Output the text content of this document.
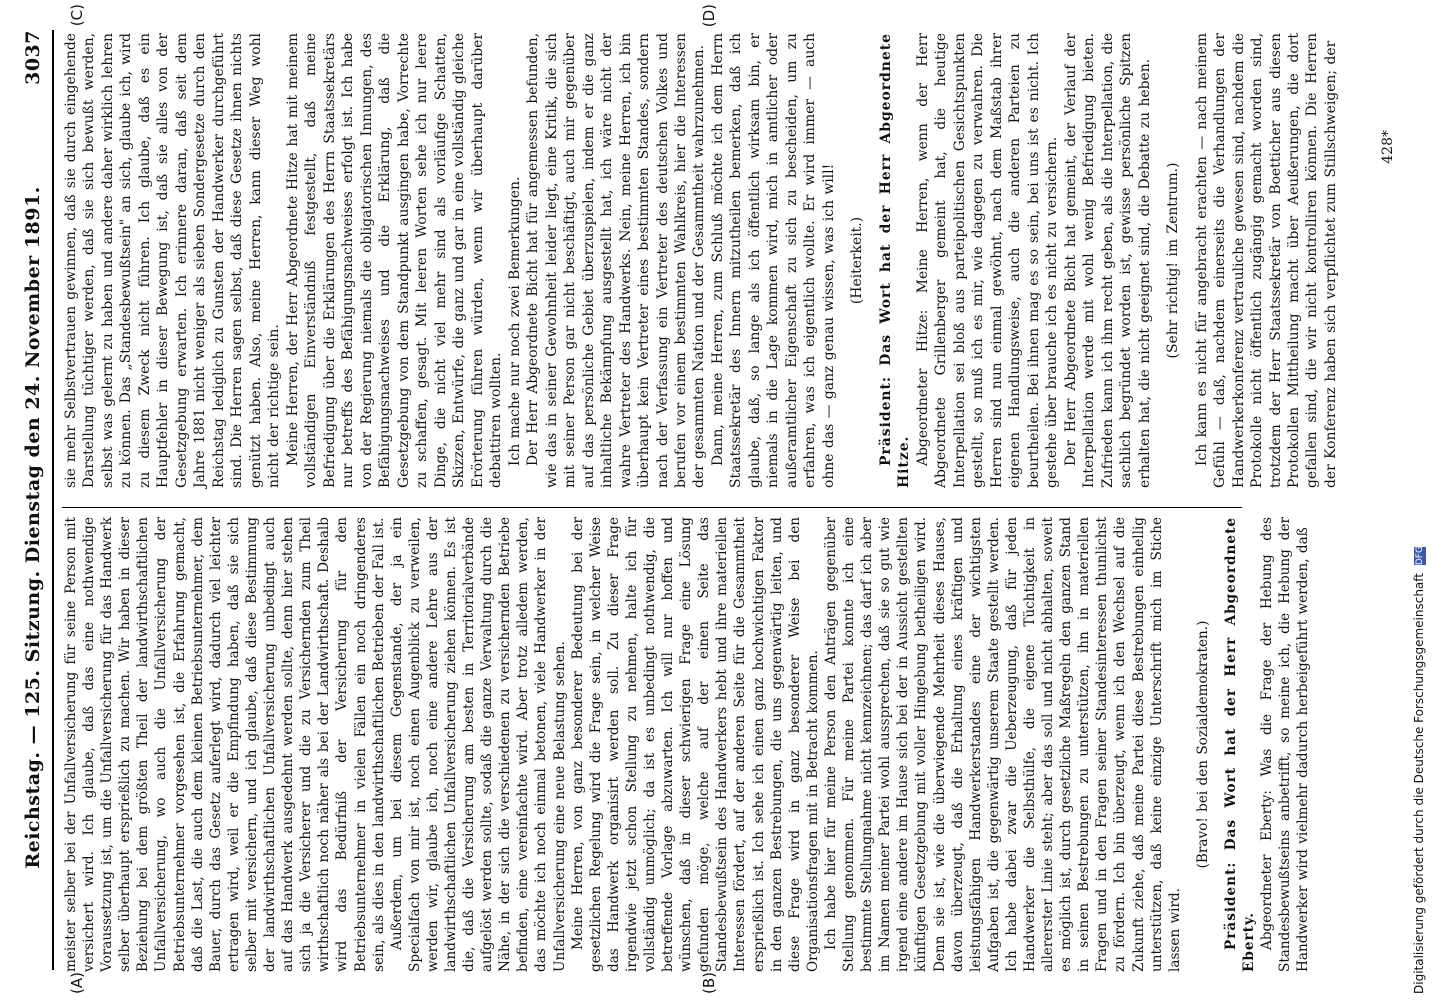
Reichstag. — 125. Sitzung. Dienstag den 24. November 1891.
3037
(A)	(B)
(C)	(D)

meister selber bei der Unfallversicherung für seine Person mit versichert wird. Ich glaube, daß das eine nothwendige Voraussetzung ist, um die Unfallversicherung für das Handwerk selber überhaupt ersprießlich zu machen. Wir haben in dieser Beziehung bei dem größten Theil der landwirthschaftlichen Unfallversicherung, wo auch die Unfallversicherung der Betriebsunternehmer vorgesehen ist, die Erfahrung gemacht, daß die Last, die auch dem kleinen Betriebsunternehmer, dem Bauer, durch das Gesetz auferlegt wird, dadurch viel leichter ertragen wird, weil er die Empfindung haben, daß sie sich selber mit versichern, und ich glaube, daß diese Bestimmung der landwirthschaftlichen Unfallversicherung unbedingt auch auf das Handwerk ausgedehnt werden sollte, denn hier stehen sich ja die Versicherer und die zu Versichernden zum Theil wirthschaftlich noch näher als bei der Landwirthschaft. Deshalb wird das Bedürfniß der Versicherung für den Betriebsunternehmer in vielen Fällen ein noch dringenderes sein, als dies in den landwirthschaftlichen Betrieben der Fall ist. Außerdem, um bei diesem Gegenstande, der ja ein Specialfach von mir ist, noch einen Augenblick zu verweilen, werden wir, glaube ich, noch eine andere Lehre aus der landwirthschaftlichen Unfallversicherung ziehen können. Es ist die, daß die Versicherung am besten in Territorialverbände aufgelöst werden sollte, sodaß die ganze Verwaltung durch die Nähe, in der sich die verschiedenen zu versichernden Betriebe befinden, eine vereinfachte wird. Aber trotz alledem werden, das möchte ich noch einmal betonen, viele Handwerker in der Unfallversicherung eine neue Belastung sehen. Meine Herren, von ganz besonderer Bedeutung bei der gesetzlichen Regelung wird die Frage sein, in welcher Weise das Handwerk organisirt werden soll. Zu dieser Frage irgendwie jetzt schon Stellung zu nehmen, halte ich für vollständig unmöglich; da ist es unbedingt nothwendig, die betreffende Vorlage abzuwarten. Ich will nur hoffen und wünschen, daß in dieser schwierigen Frage eine Lösung gefunden möge, welche auf der einen Seite das Standesbewußtsein des Handwerkers hebt und ihre materiellen Interessen fördert, auf der anderen Seite für die Gesammtheit ersprießlich ist. Ich sehe ich einen ganz hochwichtigen Faktor in den ganzen Bestrebungen, die uns gegenwärtig leiten, und diese Frage wird in ganz besonderer Weise bei den Organisationsfragen mit in Betracht kommen. Ich habe hier für meine Person den Anträgen gegenüber Stellung genommen. Für meine Partei konnte ich eine bestimmte Stellungnahme nicht kennzeichnen; das darf ich aber im Namen meiner Partei wohl aussprechen, daß sie so gut wie irgend eine andere im Hause sich bei der in Aussicht gestellten künftigen Gesetzgebung mit voller Hingebung betheiligen wird. Denn sie ist, wie die überwiegende Mehrheit dieses Hauses, davon überzeugt, daß die Erhaltung eines kräftigen und leistungsfähigen Handwerkerstandes eine der wichtigsten Aufgaben ist, die gegenwärtig unserem Staate gestellt werden. Ich habe dabei zwar die Ueberzeugung, daß für jeden Handwerker die Selbsthülfe, die eigene Tüchtigkeit in allererster Linie steht; aber das soll und nicht abhalten, soweit es möglich ist, durch gesetzliche Maßregeln den ganzen Stand in seinen Bestrebungen zu unterstützen, ihn in materiellen Fragen und in den Fragen seiner Standesinteressen thunlichst zu fördern. Ich bin überzeugt, wenn ich den Wechsel auf die Zukunft ziehe, daß meine Partei diese Bestrebungen einhellig unterstützen, daß keine einzige Unterschrift mich im Stiche lassen wird.

(Bravo! bei den Sozialdemokraten.) Präsident: Das Wort hat der Herr Abgeordnete Eberty. Abgeordneter Eberty: Was die Frage der Hebung des Standesbewußtseins anbetrifft, so meine ich, die Hebung der Handwerker wird vielmehr dadurch herbeigeführt werden, daß

sie mehr Selbstvertrauen gewinnen, daß sie durch eingehende Darstellung tüchtiger werden, daß sie sich bewußt werden, selbst was gelernt zu haben und andere daher wirklich lehren zu können. Das „Standesbewußtsein" an sich, glaube ich, wird zu diesem Zweck nicht führen. Ich glaube, daß es ein Hauptfehler in dieser Bewegung ist, daß sie alles von der Gesetzgebung erwarten. Ich erinnere daran, daß seit dem Jahre 1881 nicht weniger als sieben Sondergesetze durch den Reichstag lediglich zu Gunsten der Handwerker durchgeführt sind. Die Herren sagen selbst, daß diese Gesetze ihnen nichts genützt haben. Also, meine Herren, kann dieser Weg wohl nicht der richtige sein. Meine Herren, der Herr Abgeordnete Hitze hat mit meinem vollständigen Einverständniß festgestellt, daß meine Befriedigung über die Erklärungen des Herrn Staatssekretärs nur betreffs des Befähigungsnachweises erfolgt ist. Ich habe von der Regierung niemals die obligatorischen Innungen, des Befähigungsnachweises und die Erklärung, daß die Gesetzgebung von dem Standpunkt ausgingen habe, Vorrechte zu schaffen, gesagt. Mit leeren Worten sehe ich nur leere Dinge, die nicht viel mehr sind als vorläufige Schatten, Skizzen, Entwürfe, die ganz und gar in eine vollständig gleiche Erörterung führen würden, wenn wir überhaupt darüber debattiren wollten. Ich mache nur noch zwei Bemerkungen. Der Herr Abgeordnete Bicht hat für angemessen befunden, wie das in seiner Gewohnheit leider liegt, eine Kritik, die sich mit seiner Person gar nicht beschäftigt, auch mir gegenüber auf das persönliche Gebiet überzuspielen, indem er die ganz inhaltliche Bekämpfung ausgestellt hat, ich wäre nicht der wahre Vertreter des Handwerks. Nein, meine Herren, ich bin überhaupt kein Vertreter eines bestimmten Standes, sondern nach der Verfassung ein Vertreter des deutschen Volkes und berufen vor einem bestimmten Wahlkreis, hier die Interessen der gesammten Nation und der Gesammtheit wahrzunehmen. Dann, meine Herren, zum Schluß möchte ich dem Herrn Staatssekretär des Innern mitzutheilen bemerken, daß ich glaube, daß, so lange als ich öffentlich wirksam bin, er niemals in die Lage kommen wird, mich in amtlicher oder außeramtlicher Eigenschaft zu sich zu bescheiden, um zu erfahren, was ich eigentlich wollte. Er wird immer — auch ohne das — ganz genau wissen, was ich will! (Heiterkeit.) Präsident: Das Wort hat der Herr Abgeordnete Hitze. Abgeordneter Hitze: Meine Herren, wenn der Herr Abgeordnete Grillenberger gemeint hat, die heutige Interpellation sei bloß aus parteipolitischen Gesichtspunkten gestellt, so muß ich es mir, wie dagegen zu verwahren. Die Herren sind nun einmal gewöhnt, nach dem Maßstab ihrer eigenen Handlungsweise, auch die anderen Parteien zu beurtheilen. Bei ihnen mag es so sein, bei uns ist es nicht. Ich gestehe über brauche ich es nicht zu versichern. Der Herr Abgeordnete Bicht hat gemeint, der Verlauf der Interpellation werde mit wohl wenig Befriedigung bieten. Zufrieden kann ich ihm recht geben, als die Interpellation, die sachlich begründet worden ist, gewisse persönliche Spitzen erhalten hat, die nicht geeignet sind, die Debatte zu heben. (Sehr richtig! im Zentrum.) Ich kann es nicht für angebracht erachten — nach meinem Gefühl — daß, nachdem einerseits die Verhandlungen der Handwerkerkonferenz vertrauliche gewesen sind, nachdem die Protokolle nicht öffentlich zugängig gemacht worden sind, trotzdem der Herr Staatssekretär von Boetticher aus diesen Protokollen Mittheilung macht über Aeußerungen, die dort gefallen sind, die wir nicht kontrolliren können. Die Herren der Konferenz haben sich verpflichtet zum Stillschweigen; der	428*
Digitalisierung gefördert durch die Deutsche Forschungsgemeinschaft DFG
